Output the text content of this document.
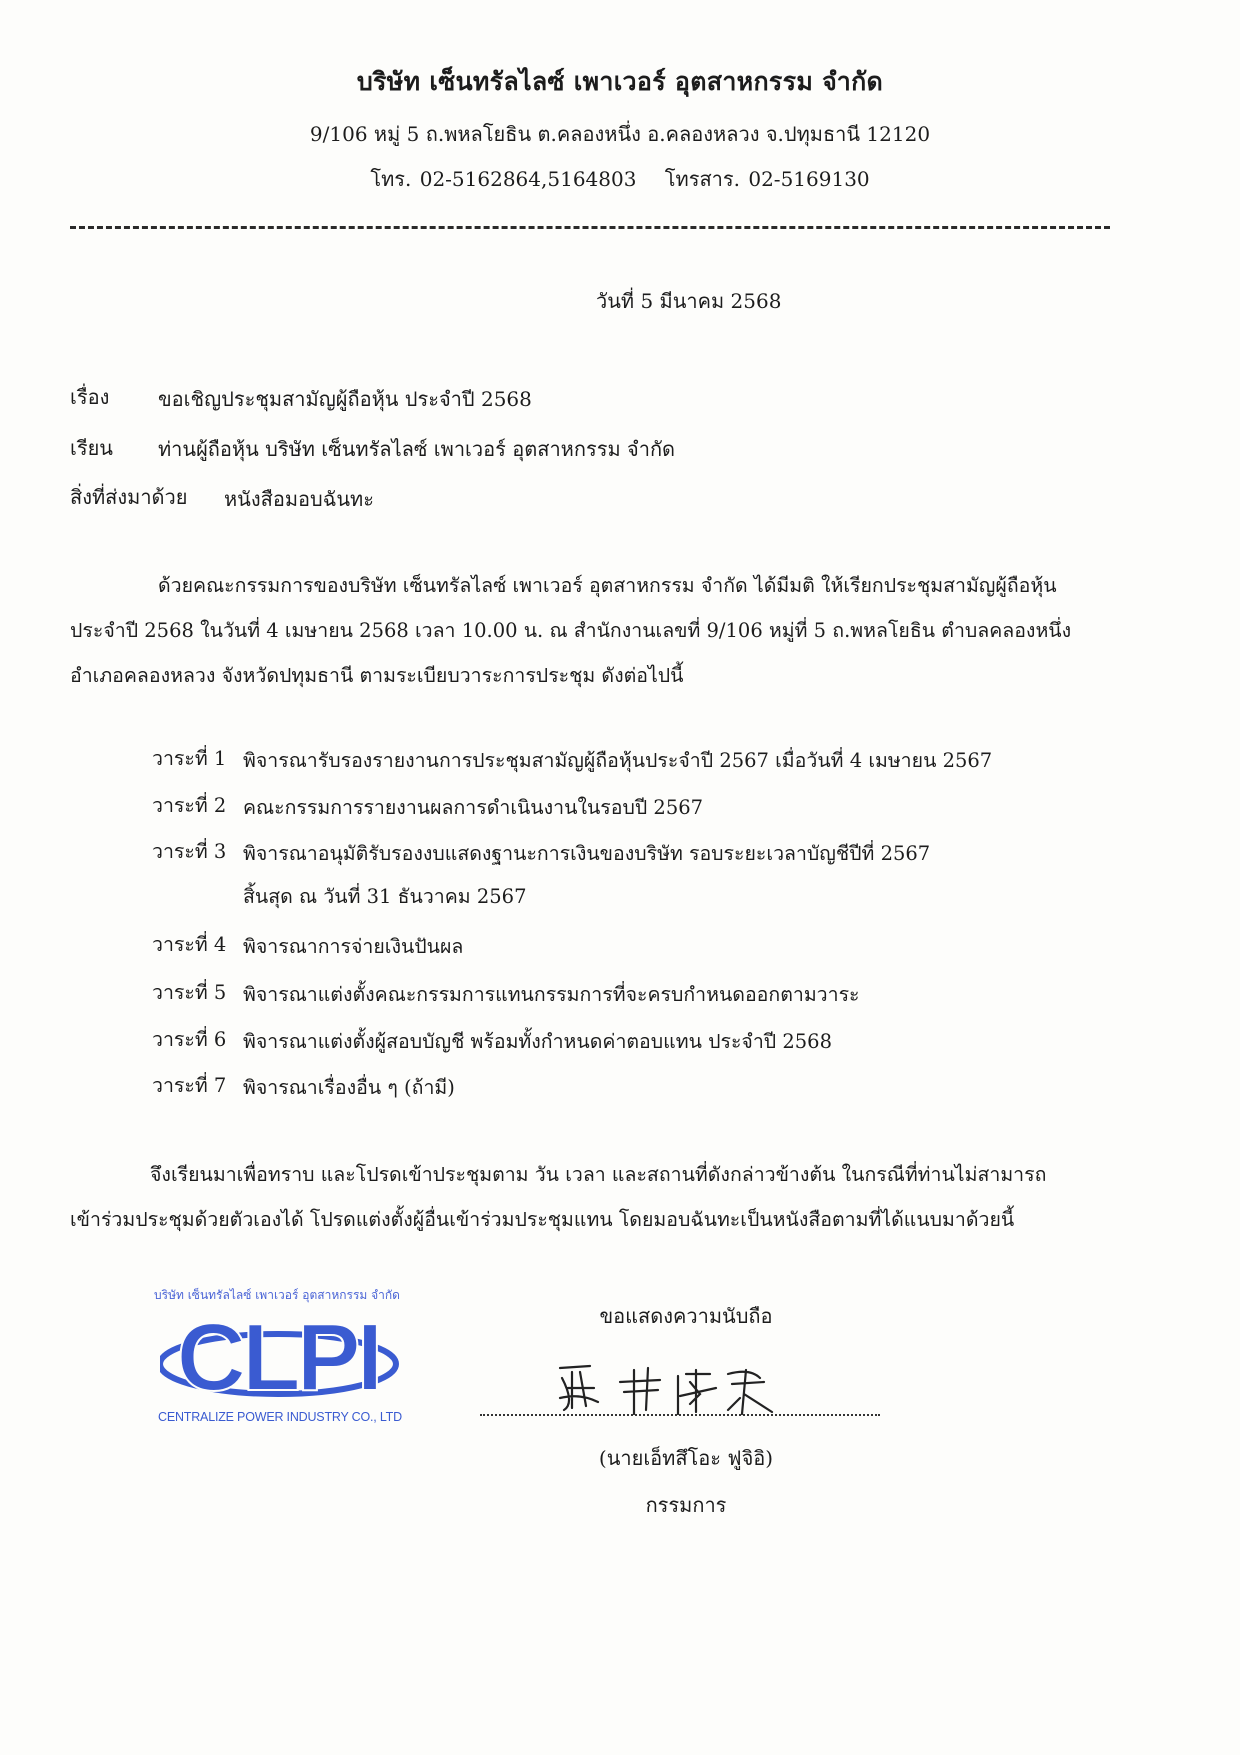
บริษัท เซ็นทรัลไลซ์ เพาเวอร์ อุตสาหกรรม จำกัด
9/106 หมู่ 5 ถ.พหลโยธิน ต.คลองหนึ่ง อ.คลองหลวง จ.ปทุมธานี 12120
โทร. 02-5162864,5164803 โทรสาร. 02-5169130
วันที่ 5 มีนาคม 2568
เรื่อง ขอเชิญประชุมสามัญผู้ถือหุ้น ประจำปี 2568
เรียน ท่านผู้ถือหุ้น บริษัท เซ็นทรัลไลซ์ เพาเวอร์ อุตสาหกรรม จำกัด
สิ่งที่ส่งมาด้วย หนังสือมอบฉันทะ
ด้วยคณะกรรมการของบริษัท เซ็นทรัลไลซ์ เพาเวอร์ อุตสาหกรรม จำกัด ได้มีมติ ให้เรียกประชุมสามัญผู้ถือหุ้น
ประจำปี 2568 ในวันที่ 4 เมษายน 2568 เวลา 10.00 น. ณ สำนักงานเลขที่ 9/106 หมู่ที่ 5 ถ.พหลโยธิน ตำบลคลองหนึ่ง
อำเภอคลองหลวง จังหวัดปทุมธานี ตามระเบียบวาระการประชุม ดังต่อไปนี้
วาระที่ 1 พิจารณารับรองรายงานการประชุมสามัญผู้ถือหุ้นประจำปี 2567 เมื่อวันที่ 4 เมษายน 2567
วาระที่ 2 คณะกรรมการรายงานผลการดำเนินงานในรอบปี 2567
วาระที่ 3 พิจารณาอนุมัติรับรองงบแสดงฐานะการเงินของบริษัท รอบระยะเวลาบัญชีปีที่ 2567
สิ้นสุด ณ วันที่ 31 ธันวาคม 2567
วาระที่ 4 พิจารณาการจ่ายเงินปันผล
วาระที่ 5 พิจารณาแต่งตั้งคณะกรรมการแทนกรรมการที่จะครบกำหนดออกตามวาระ
วาระที่ 6 พิจารณาแต่งตั้งผู้สอบบัญชี พร้อมทั้งกำหนดค่าตอบแทน ประจำปี 2568
วาระที่ 7 พิจารณาเรื่องอื่น ๆ (ถ้ามี)
จึงเรียนมาเพื่อทราบ และโปรดเข้าประชุมตาม วัน เวลา และสถานที่ดังกล่าวข้างต้น ในกรณีที่ท่านไม่สามารถ
เข้าร่วมประชุมด้วยตัวเองได้ โปรดแต่งตั้งผู้อื่นเข้าร่วมประชุมแทน โดยมอบฉันทะเป็นหนังสือตามที่ได้แนบมาด้วยนี้
บริษัท เซ็นทรัลไลซ์ เพาเวอร์ อุตสาหกรรม จำกัด
CLPI
CENTRALIZE POWER INDUSTRY CO., LTD
ขอแสดงความนับถือ
(นายเอ็ทสึโอะ ฟูจิอิ)
กรรมการ
